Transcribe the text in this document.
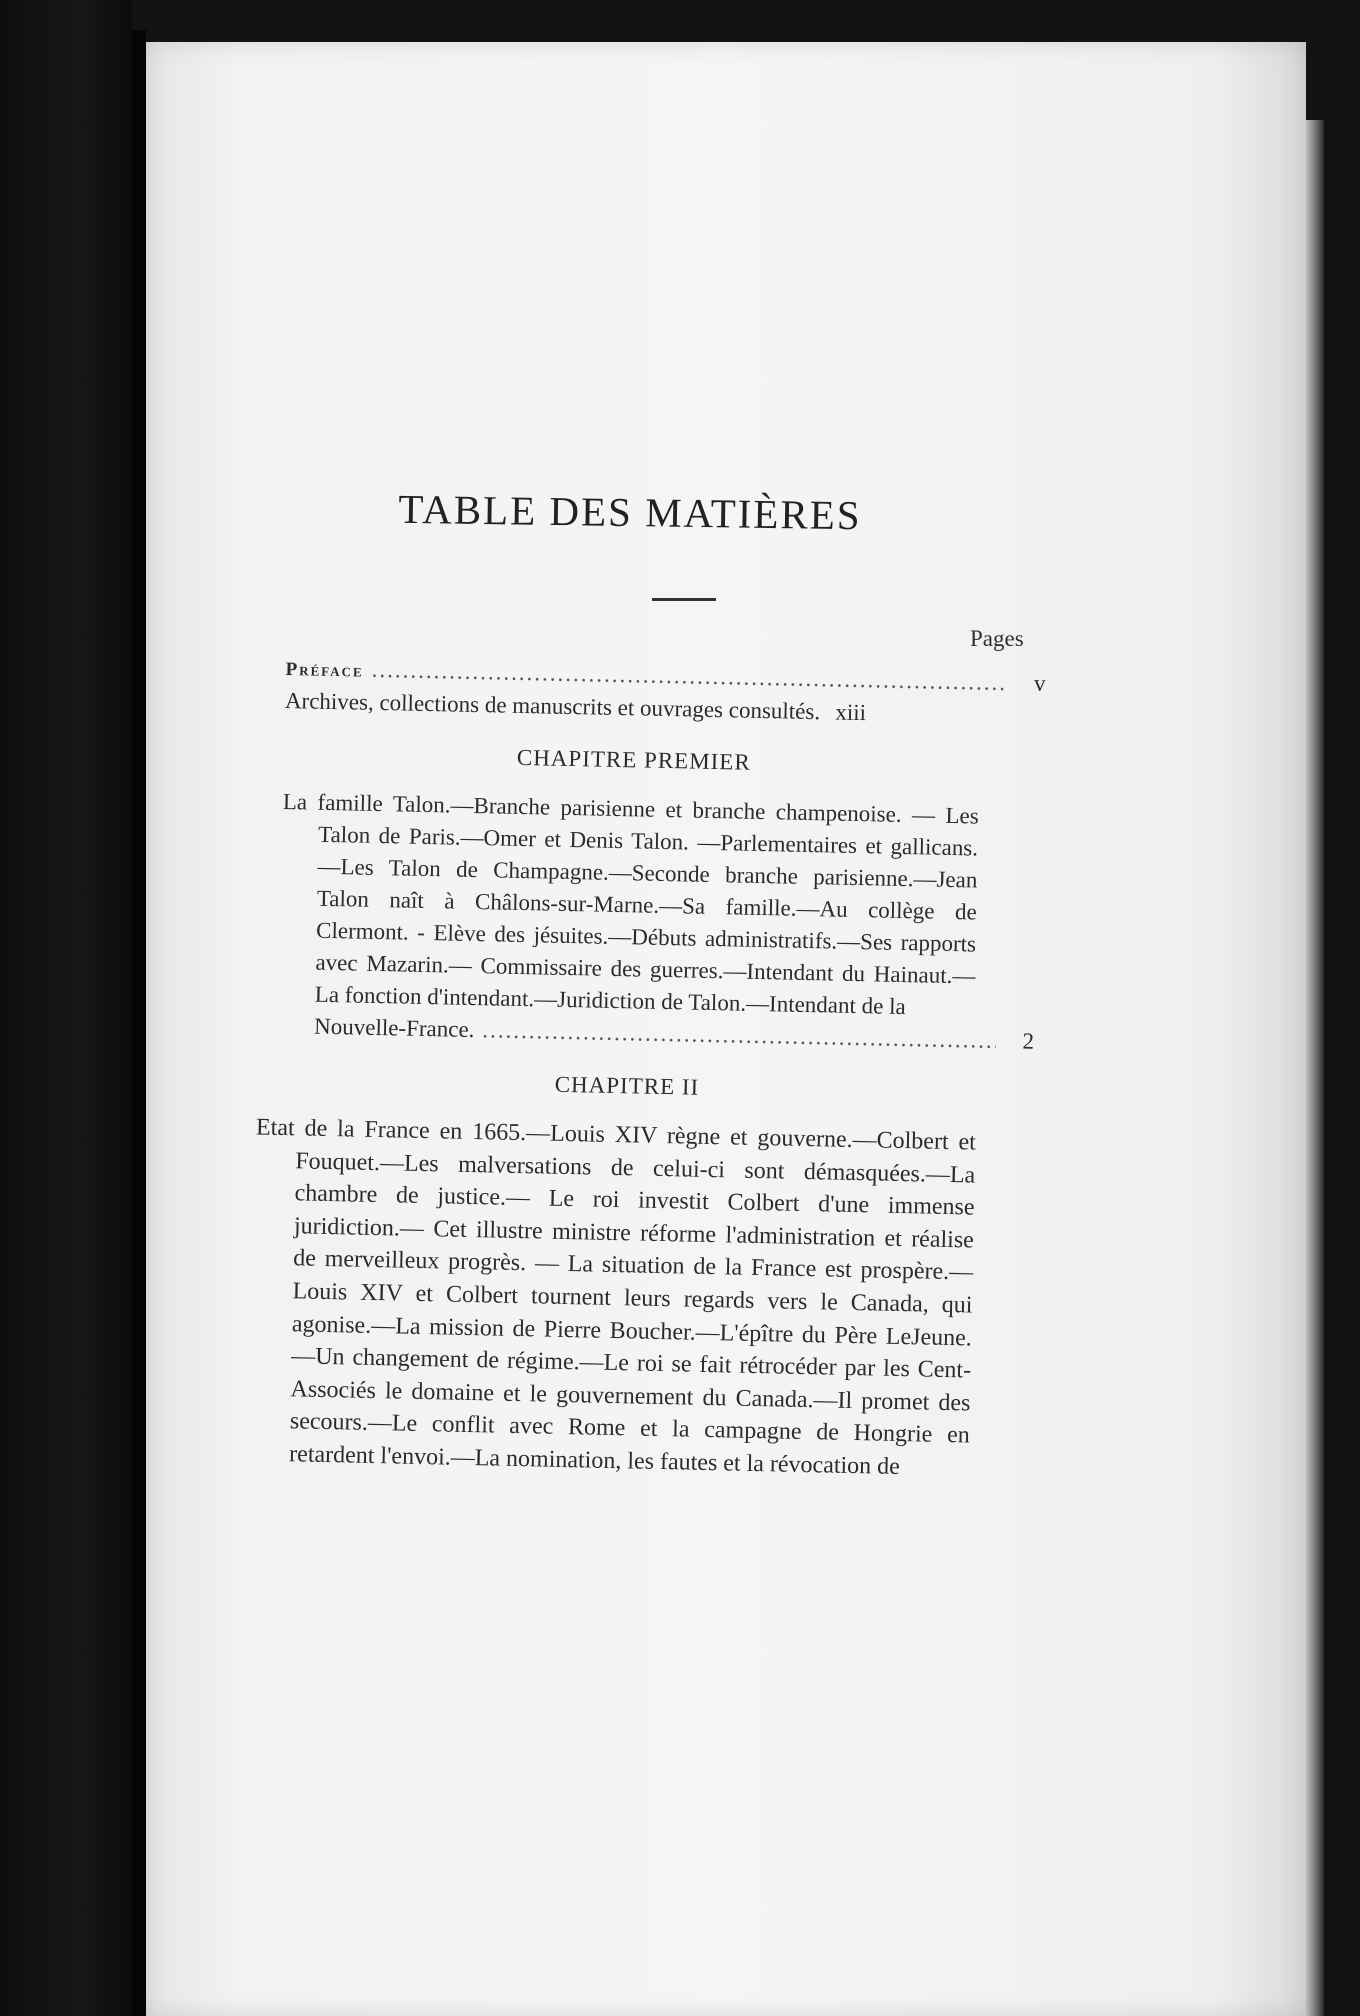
TABLE DES MATIÈRES
Pages
Préface
.....
v
Archives, collections de manuscrits et ouvrages consultés. xiii
CHAPITRE PREMIER
La famille Talon.—Branche parisienne et branche champenoise. — Les Talon de Paris.—Omer et Denis Talon. —Parlementaires et gallicans.—Les Talon de Champagne.—Seconde branche parisienne.—Jean Talon naît à Châlons-sur-Marne.—Sa famille.—Au collège de Clermont. - Elève des jésuites.—Débuts administratifs.—Ses rapports avec Mazarin.— Commissaire des guerres.—Intendant du Hainaut.—La fonction d'intendant.—Juridiction de Talon.—Intendant de la
Nouvelle-France.
.....	2
CHAPITRE II
Etat de la France en 1665.—Louis XIV règne et gouverne.—Colbert et Fouquet.—Les malversations de celui-ci sont démasquées.—La chambre de justice.— Le roi investit Colbert d'une immense juridiction.— Cet illustre ministre réforme l'administration et réalise de merveilleux progrès. — La situation de la France est prospère.—Louis XIV et Colbert tournent leurs regards vers le Canada, qui agonise.—La mission de Pierre Boucher.—L'épître du Père LeJeune.—Un changement de régime.—Le roi se fait rétrocéder par les Cent-Associés le domaine et le gouvernement du Canada.—Il promet des secours.—Le conflit avec Rome et la campagne de Hongrie en retardent l'envoi.—La nomination, les fautes et la révocation de
